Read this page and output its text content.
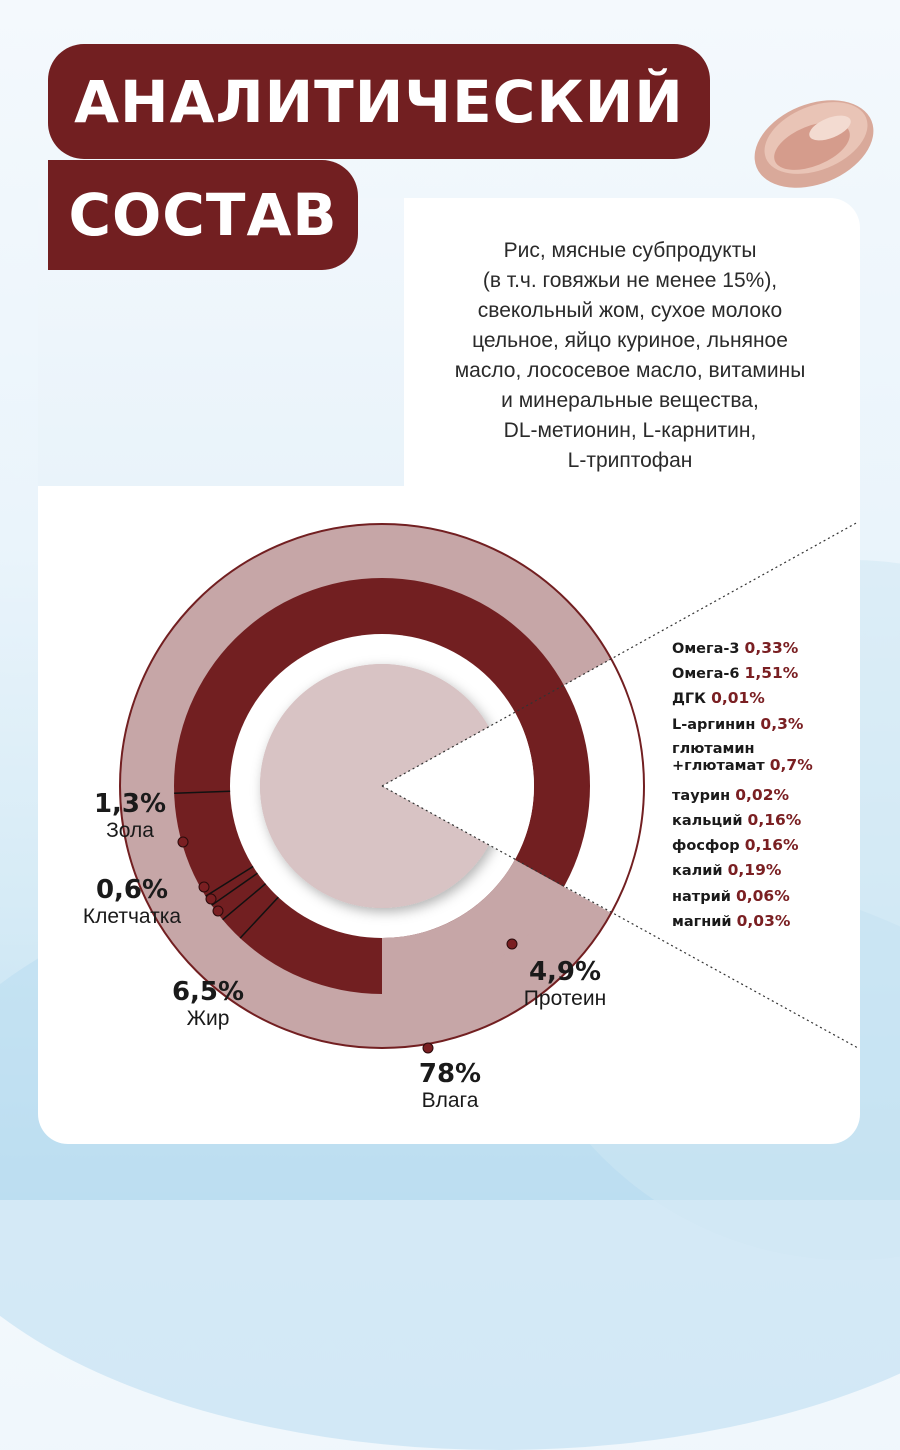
АНАЛИТИЧЕСКИЙ
СОСТАВ
Рис, мясные субпродукты
(в т.ч. говяжьи не менее 15%),
свекольный жом, сухое молоко
цельное, яйцо куриное, льняное
масло, лососевое масло, витамины
и минеральные вещества,
DL-метионин, L-карнитин,
L-триптофан
1,3%
Зола
0,6%
Клетчатка
6,5%
Жир
4,9%
Протеин
78%
Влага
Омега-3 0,33%
Омега-6 1,51%
ДГК 0,01%
L-аргинин 0,3%
глютамин
+глютамат 0,7%
таурин 0,02%
кальций 0,16%
фосфор 0,16%
калий 0,19%
натрий 0,06%
магний 0,03%
